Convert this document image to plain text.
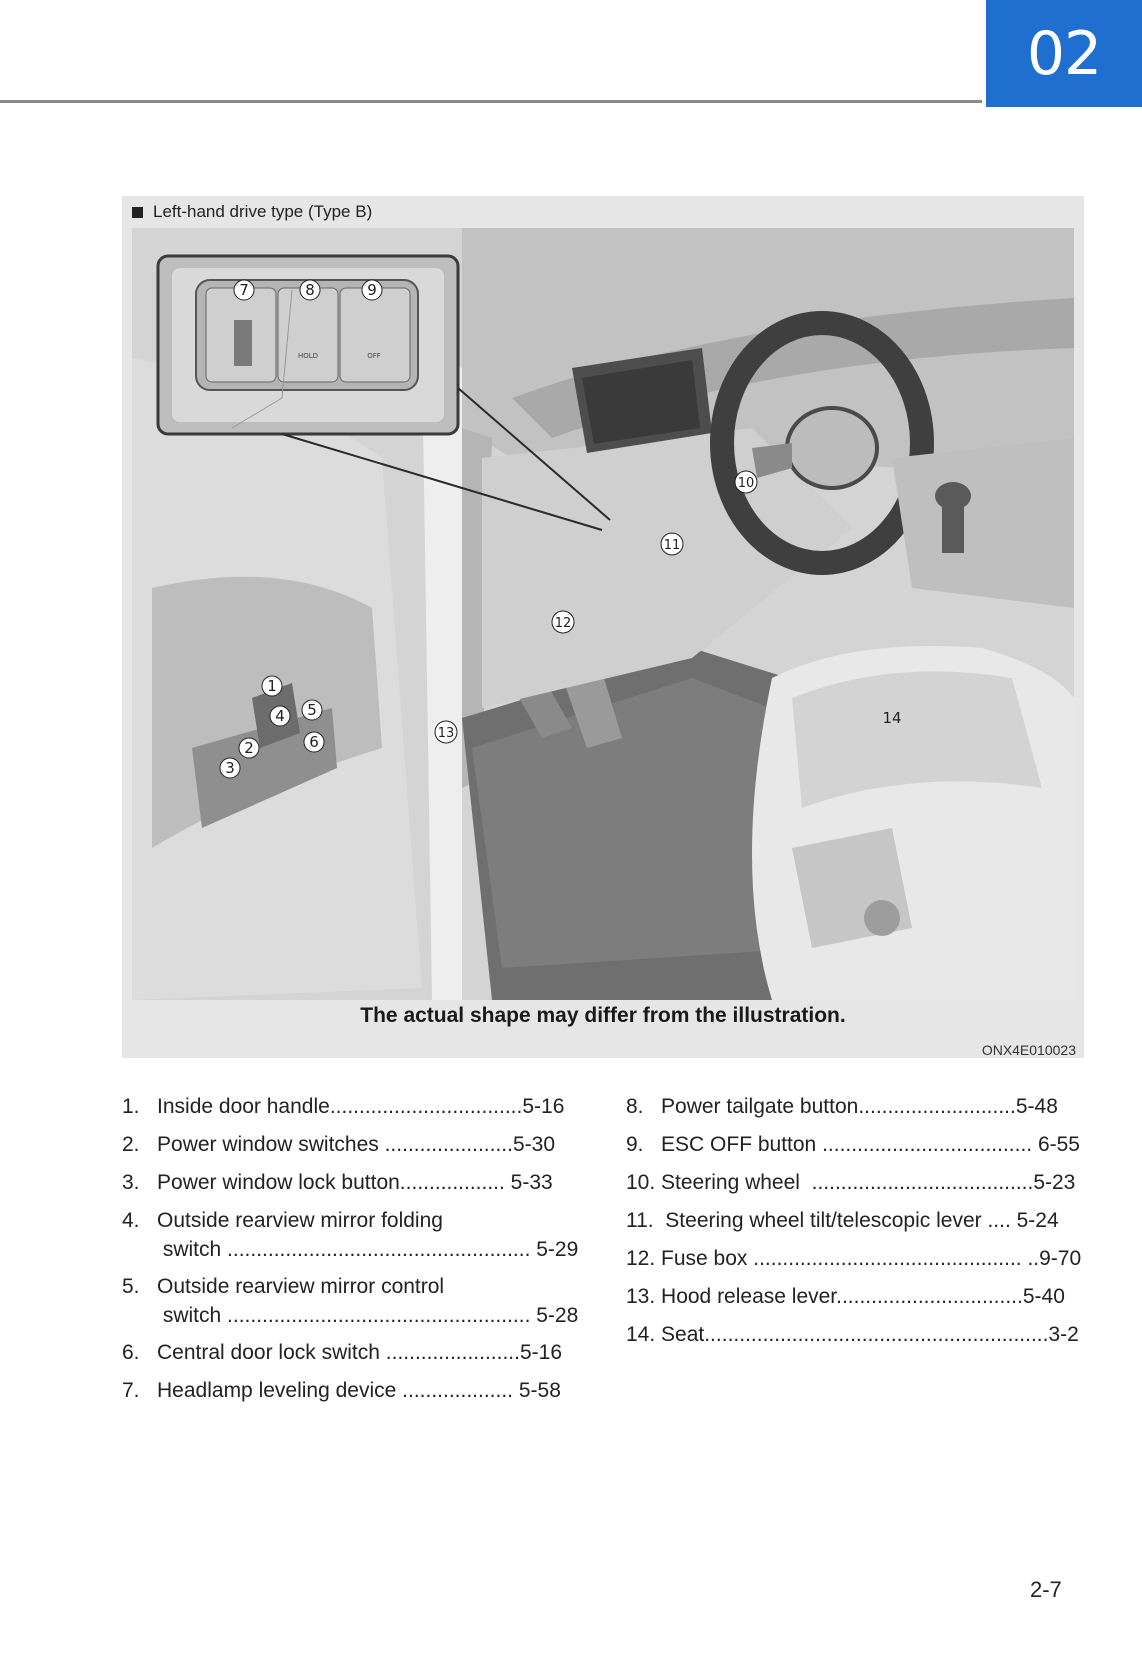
02
Left-hand drive type (Type B)
HOLD	OFF
1
2
3
4 5
6
7	8	9
10
11
12
13
14
The actual shape may differ from the illustration.
ONX4E010023
1.   Inside door handle.................................5-16
2.   Power window switches ......................5-30
3.   Power window lock button.................. 5-33
4.   Outside rearview mirror folding
switch .................................................... 5-29
5.   Outside rearview mirror control
switch .................................................... 5-28
6.   Central door lock switch .......................5-16
7.   Headlamp leveling device ................... 5-58
8.   Power tailgate button...........................5-48
9.   ESC OFF button .................................... 6-55
10. Steering wheel  ......................................5-23
11.  Steering wheel tilt/telescopic lever .... 5-24
12. Fuse box .............................................. ..9-70
13. Hood release lever................................5-40
14. Seat...........................................................3-2
2-7
